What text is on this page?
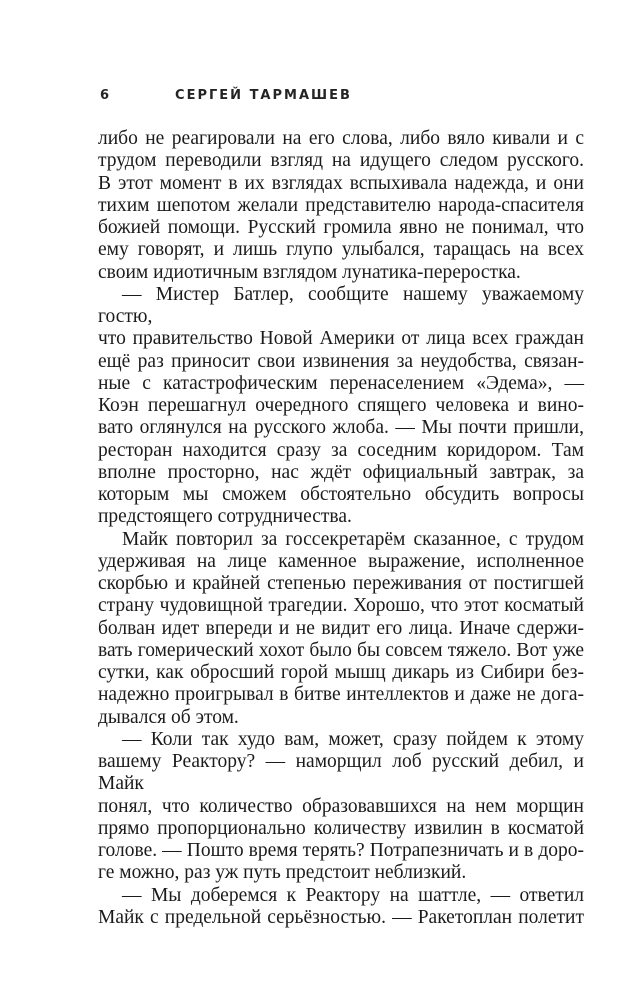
6	СЕРГЕЙ ТАРМАШЕВ
либо не реагировали на его слова, либо вяло кивали и с
трудом переводили взгляд на идущего следом русского.
В этот момент в их взглядах вспыхивала надежда, и они
тихим шепотом желали представителю народа-спасителя
божией помощи. Русский громила явно не понимал, что
ему говорят, и лишь глупо улыбался, таращась на всех
своим идиотичным взглядом лунатика-переростка.
— Мистер Батлер, сообщите нашему уважаемому гостю,
что правительство Новой Америки от лица всех граждан
ещё раз приносит свои извинения за неудобства, связан-
ные с катастрофическим перенаселением «Эдема», —
Коэн перешагнул очередного спящего человека и вино-
вато оглянулся на русского жлоба. — Мы почти пришли,
ресторан находится сразу за соседним коридором. Там
вполне просторно, нас ждёт официальный завтрак, за
которым мы сможем обстоятельно обсудить вопросы
предстоящего сотрудничества.
Майк повторил за госсекретарём сказанное, с трудом
удерживая на лице каменное выражение, исполненное
скорбью и крайней степенью переживания от постигшей
страну чудовищной трагедии. Хорошо, что этот косматый
болван идет впереди и не видит его лица. Иначе сдержи-
вать гомерический хохот было бы совсем тяжело. Вот уже
сутки, как обросший горой мышц дикарь из Сибири без-
надежно проигрывал в битве интеллектов и даже не дога-
дывался об этом.
— Коли так худо вам, может, сразу пойдем к этому
вашему Реактору? — наморщил лоб русский дебил, и Майк
понял, что количество образовавшихся на нем морщин
прямо пропорционально количеству извилин в косматой
голове. — Пошто время терять? Потрапезничать и в доро-
ге можно, раз уж путь предстоит неблизкий.
— Мы доберемся к Реактору на шаттле, — ответил
Майк с предельной серьёзностью. — Ракетоплан полетит
